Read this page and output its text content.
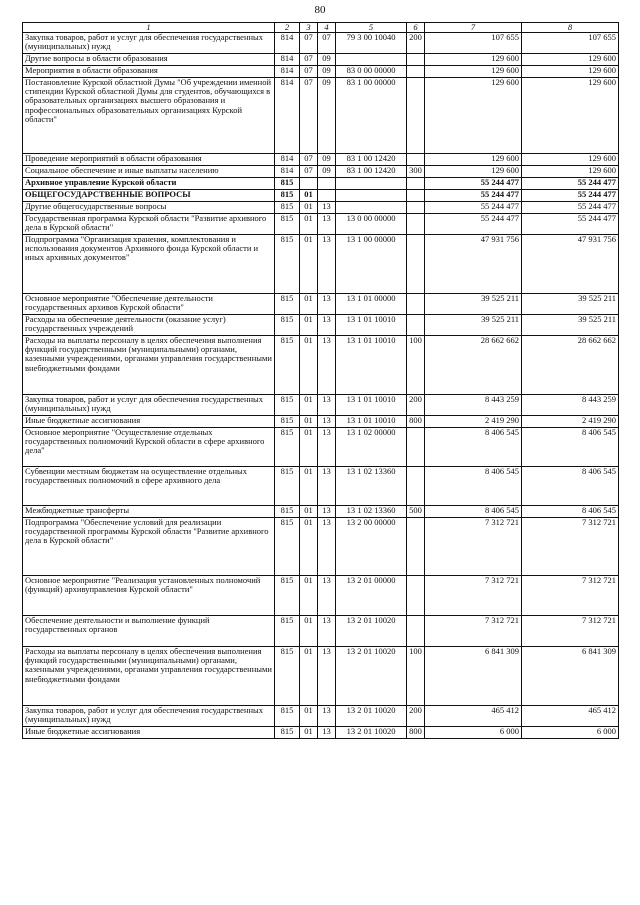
80
1	2	3	4	5	6	7	8
Закупка товаров, работ и услуг для обеспечения государственных (муниципальных) нужд	814	07	07	79 3 00 10040	200	107 655	107 655
Другие вопросы в области образования	814	07	09			129 600	129 600
Мероприятия в области образования	814	07	09	83 0 00 00000		129 600	129 600
Постановление Курской областной Думы "Об учреждении именной стипендии Курской областной Думы для студентов, обучающихся в образовательных организациях высшего образования и профессиональных образовательных организациях Курской области"	814	07	09	83 1 00 00000		129 600	129 600
Проведение мероприятий в области образования	814	07	09	83 1 00 12420		129 600	129 600
Социальное обеспечение и иные выплаты населению	814	07	09	83 1 00 12420	300	129 600	129 600
Архивное управление Курской области	815					55 244 477	55 244 477
ОБЩЕГОСУДАРСТВЕННЫЕ ВОПРОСЫ	815	01				55 244 477	55 244 477
Другие общегосударственные вопросы	815	01	13			55 244 477	55 244 477
Государственная программа Курской области "Развитие архивного дела в Курской области"	815	01	13	13 0 00 00000		55 244 477	55 244 477
Подпрограмма "Организация хранения, комплектования и использования документов Архивного фонда Курской области и иных архивных документов"	815	01	13	13 1 00 00000		47 931 756	47 931 756
Основное мероприятие "Обеспечение деятельности государственных архивов Курской области"	815	01	13	13 1 01 00000		39 525 211	39 525 211
Расходы на обеспечение деятельности (оказание услуг) государственных учреждений	815	01	13	13 1 01 10010		39 525 211	39 525 211
Расходы на выплаты персоналу в целях обеспечения выполнения функций государственными (муниципальными) органами, казенными учреждениями, органами управления государственными внебюджетными фондами	815	01	13	13 1 01 10010	100	28 662 662	28 662 662
Закупка товаров, работ и услуг для обеспечения государственных (муниципальных) нужд	815	01	13	13 1 01 10010	200	8 443 259	8 443 259
Иные бюджетные ассигнования	815	01	13	13 1 01 10010	800	2 419 290	2 419 290
Основное мероприятие "Осуществление отдельных государственных полномочий Курской области в сфере архивного дела"	815	01	13	13 1 02 00000		8 406 545	8 406 545
Субвенции местным бюджетам на осуществление отдельных государственных полномочий в сфере архивного дела	815	01	13	13 1 02 13360		8 406 545	8 406 545
Межбюджетные трансферты	815	01	13	13 1 02 13360	500	8 406 545	8 406 545
Подпрограмма "Обеспечение условий для реализации государственной программы Курской области "Развитие архивного дела в Курской области"	815	01	13	13 2 00 00000		7 312 721	7 312 721
Основное мероприятие "Реализация установленных полномочий (функций) архивуправления Курской области"	815	01	13	13 2 01 00000		7 312 721	7 312 721
Обеспечение деятельности и выполнение функций государственных органов	815	01	13	13 2 01 10020		7 312 721	7 312 721
Расходы на выплаты персоналу в целях обеспечения выполнения функций государственными (муниципальными) органами, казенными учреждениями, органами управления государственными внебюджетными фондами	815	01	13	13 2 01 10020	100	6 841 309	6 841 309
Закупка товаров, работ и услуг для обеспечения государственных (муниципальных) нужд	815	01	13	13 2 01 10020	200	465 412	465 412
Иные бюджетные ассигнования	815	01	13	13 2 01 10020	800	6 000	6 000
